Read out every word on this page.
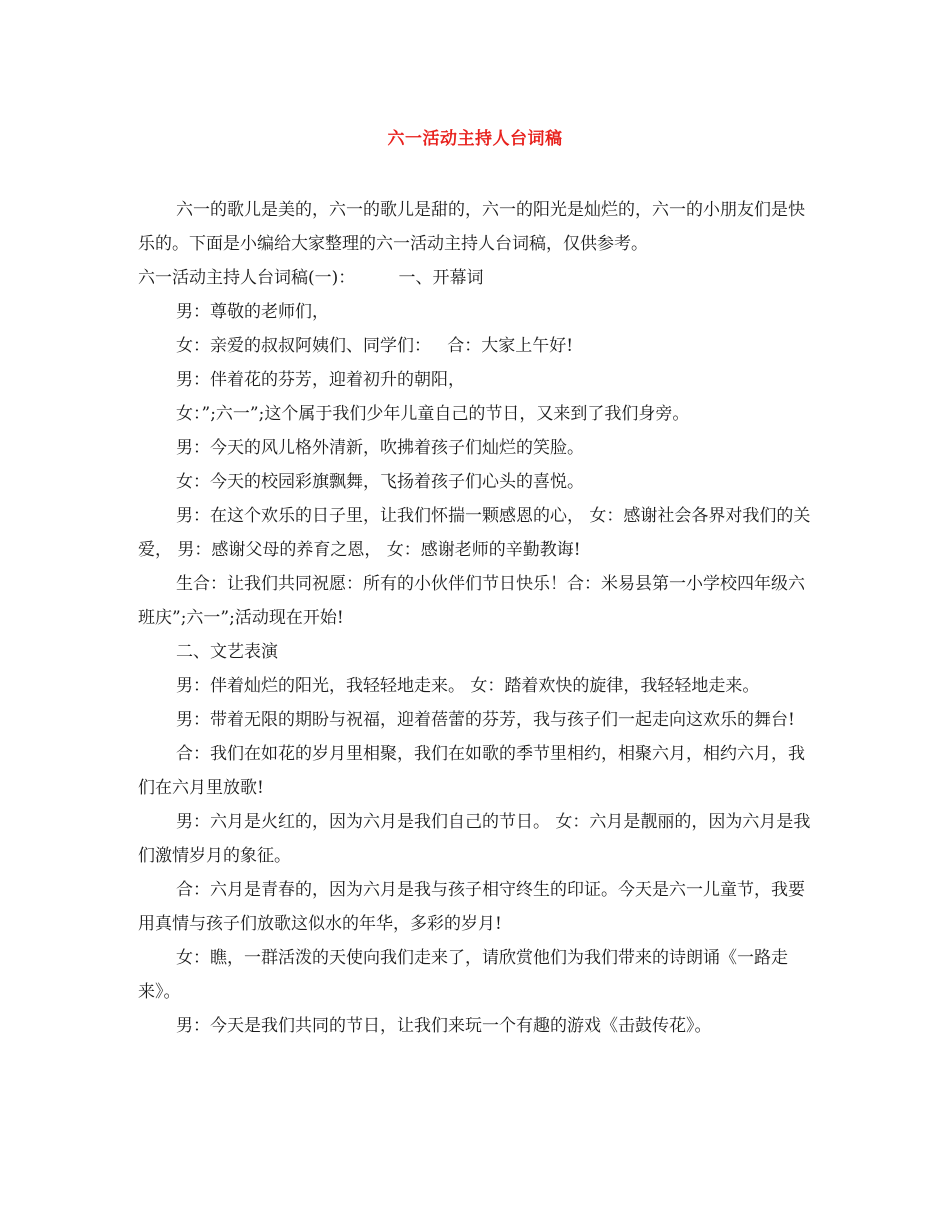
六一活动主持人台词稿

六一的歌儿是美的，六一的歌儿是甜的，六一的阳光是灿烂的，六一的小朋友们是快乐的。下面是小编给大家整理的六一活动主持人台词稿，仅供参考。

六一活动主持人台词稿(一)：        一、开幕词

男：尊敬的老师们，

女：亲爱的叔叔阿姨们、同学们：   合：大家上午好!

男：伴着花的芬芳，迎着初升的朝阳，

女：”;六一”;这个属于我们少年儿童自己的节日，又来到了我们身旁。

男：今天的风儿格外清新，吹拂着孩子们灿烂的笑脸。

女：今天的校园彩旗飘舞，飞扬着孩子们心头的喜悦。

男：在这个欢乐的日子里，让我们怀揣一颗感恩的心， 女：感谢社会各界对我们的关爱， 男：感谢父母的养育之恩， 女：感谢老师的辛勤教诲!

生合：让我们共同祝愿：所有的小伙伴们节日快乐！合：米易县第一小学校四年级六班庆”;六一”;活动现在开始!

二、文艺表演

男：伴着灿烂的阳光，我轻轻地走来。 女：踏着欢快的旋律，我轻轻地走来。

男：带着无限的期盼与祝福，迎着蓓蕾的芬芳，我与孩子们一起走向这欢乐的舞台!

合：我们在如花的岁月里相聚，我们在如歌的季节里相约，相聚六月，相约六月，我们在六月里放歌!

男：六月是火红的，因为六月是我们自己的节日。 女：六月是靓丽的，因为六月是我们激情岁月的象征。

合：六月是青春的，因为六月是我与孩子相守终生的印证。今天是六一儿童节，我要用真情与孩子们放歌这似水的年华，多彩的岁月!

女：瞧，一群活泼的天使向我们走来了，请欣赏他们为我们带来的诗朗诵《一路走来》。

男：今天是我们共同的节日，让我们来玩一个有趣的游戏《击鼓传花》。
